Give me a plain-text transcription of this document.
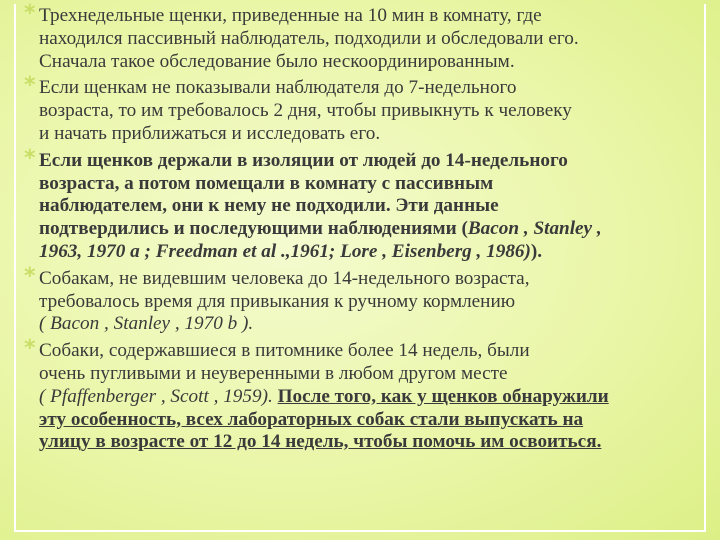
* Трехнедельные щенки, приведенные на 10 мин в комнату, где
находился пассивный наблюдатель, подходили и обследовали его.
Сначала такое обследование было нескоординированным.
* Если щенкам не показывали наблюдателя до 7-недельного
возраста, то им требовалось 2 дня, чтобы привыкнуть к человеку
и начать приближаться и исследовать его.
* Если щенков держали в изоляции от людей до 14-недельного
возраста, а потом помещали в комнату с пассивным
наблюдателем, они к нему не подходили. Эти данные
подтвердились и последующими наблюдениями (Bacon , Stanley ,
1963, 1970 a ; Freedman et al .,1961; Lore , Eisenberg , 1986)).
* Собакам, не видевшим человека до 14-недельного возраста,
требовалось время для привыкания к ручному кормлению
( Bacon , Stanley , 1970 b ).
* Собаки, содержавшиеся в питомнике более 14 недель, были
очень пугливыми и неуверенными в любом другом месте
( Pfaffenberger , Scott , 1959). После того, как у щенков обнаружили
эту особенность, всех лабораторных собак стали выпускать на
улицу в возрасте от 12 до 14 недель, чтобы помочь им освоиться.
